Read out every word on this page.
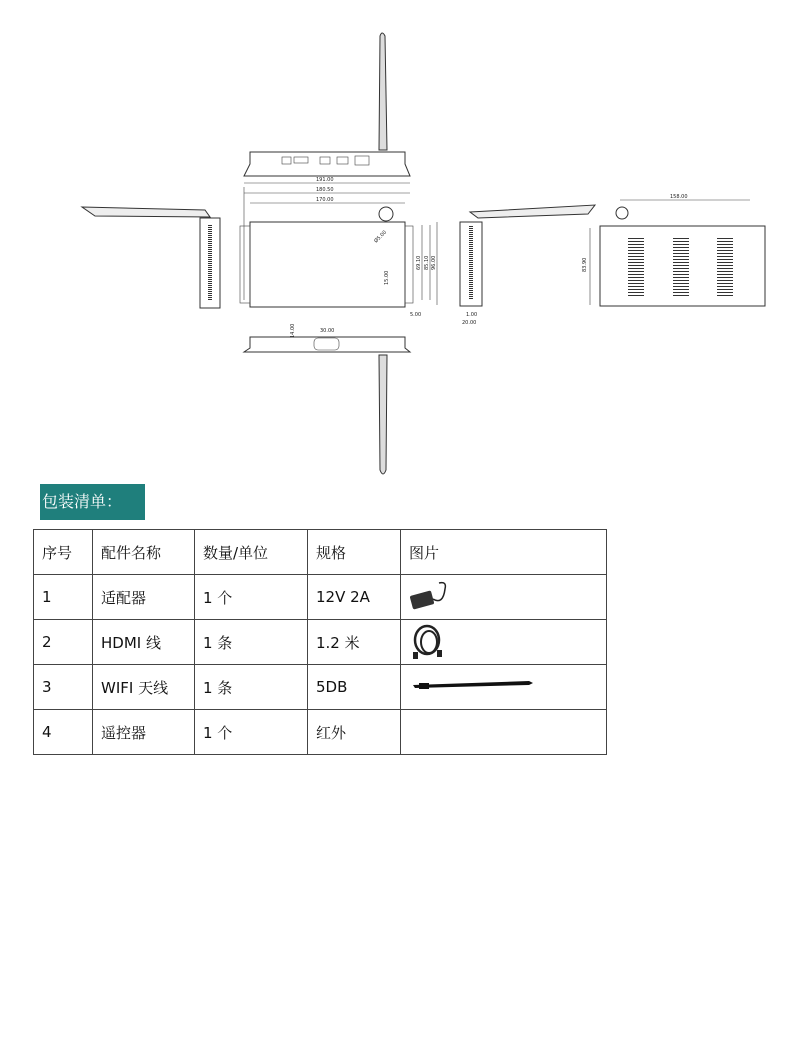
191.00
180.50
170.00
Ø5.00
69.10 85.10 96.00
15.00
5.00	1.00
20.00
158.00
83.90
14.00	30.00
包装清单：
序号	配件名称	数量/单位	规格	图片
1	适配器	1 个	12V 2A	

2	HDMI 线	1 条	1.2 米	

3	WIFI 天线	1 条	5DB	

4	遥控器	1 个	红外	
